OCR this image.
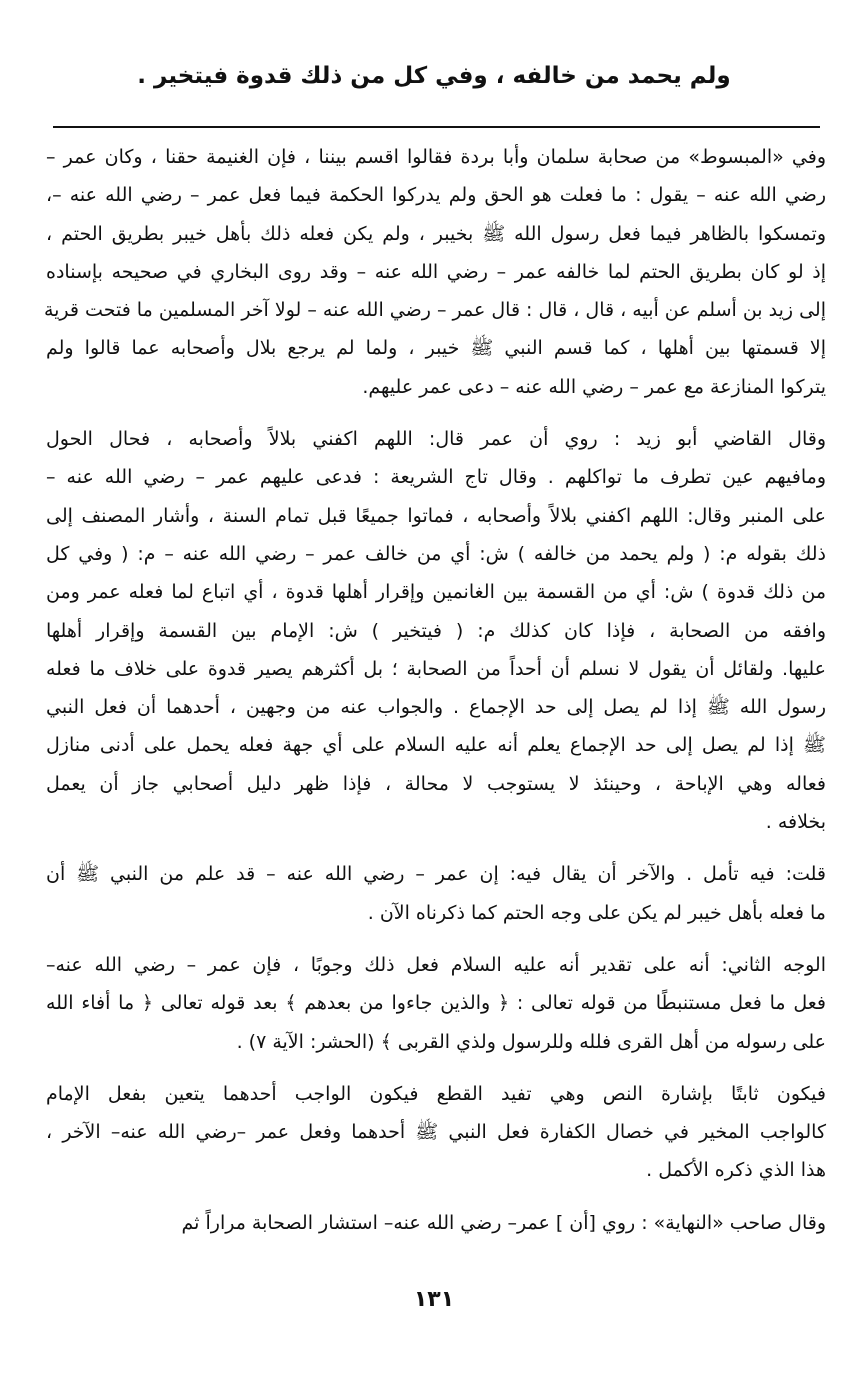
ولم يحمد من خالفه ، وفي كل من ذلك قدوة فيتخير .

وفي «المبسوط» من صحابة سلمان وأبا بردة فقالوا اقسم بيننا ، فإن الغنيمة حقنا ، وكان عمر –
رضي الله عنه – يقول : ما فعلت هو الحق ولم يدركوا الحكمة فيما فعل عمر – رضي الله عنه –،
وتمسكوا بالظاهر فيما فعل رسول الله ﷺ بخيبر ، ولم يكن فعله ذلك بأهل خيبر بطريق الحتم ،
إذ لو كان بطريق الحتم لما خالفه عمر – رضي الله عنه – وقد روى البخاري في صحيحه بإسناده
إلى زيد بن أسلم عن أبيه ، قال ، قال : قال عمر – رضي الله عنه – لولا آخر المسلمين ما فتحت قرية
إلا قسمتها بين أهلها ، كما قسم النبي ﷺ خيبر ، ولما لم يرجع بلال وأصحابه عما قالوا ولم
يتركوا المنازعة مع عمر – رضي الله عنه – دعى عمر عليهم.

وقال القاضي أبو زيد : روي أن عمر قال: اللهم اكفني بلالاً وأصحابه ، فحال الحول
ومافيهم عين تطرف ما تواكلهم . وقال تاج الشريعة : فدعى عليهم عمر – رضي الله عنه –
على المنبر وقال: اللهم اكفني بلالاً وأصحابه ، فماتوا جميعًا قبل تمام السنة ، وأشار المصنف إلى
ذلك بقوله م: ( ولم يحمد من خالفه ) ش: أي من خالف عمر – رضي الله عنه – م: ( وفي كل
من ذلك قدوة ) ش: أي من القسمة بين الغانمين وإقرار أهلها قدوة ، أي اتباع لما فعله عمر ومن
وافقه من الصحابة ، فإذا كان كذلك م: ( فيتخير ) ش: الإمام بين القسمة وإقرار أهلها
عليها. ولقائل أن يقول لا نسلم أن أحداً من الصحابة ؛ بل أكثرهم يصير قدوة على خلاف ما فعله
رسول الله ﷺ إذا لم يصل إلى حد الإجماع . والجواب عنه من وجهين ، أحدهما أن فعل النبي
ﷺ إذا لم يصل إلى حد الإجماع يعلم أنه عليه السلام على أي جهة فعله يحمل على أدنى منازل
فعاله وهي الإباحة ، وحينئذ لا يستوجب لا محالة ، فإذا ظهر دليل أصحابي جاز أن يعمل
بخلافه .

قلت: فيه تأمل . والآخر أن يقال فيه: إن عمر – رضي الله عنه – قد علم من النبي ﷺ أن
ما فعله بأهل خيبر لم يكن على وجه الحتم كما ذكرناه الآن .

الوجه الثاني: أنه على تقدير أنه عليه السلام فعل ذلك وجوبًا ، فإن عمر – رضي الله عنه–
فعل ما فعل مستنبطًا من قوله تعالى : ﴿ والذين جاءوا من بعدهم ﴾ بعد قوله تعالى ﴿ ما أفاء الله
على رسوله من أهل القرى فلله وللرسول ولذي القربى ﴾ (الحشر: الآية ٧) .

فيكون ثابتًا بإشارة النص وهي تفيد القطع فيكون الواجب أحدهما يتعين بفعل الإمام
كالواجب المخير في خصال الكفارة فعل النبي ﷺ أحدهما وفعل عمر –رضي الله عنه– الآخر ،
هذا الذي ذكره الأكمل .

وقال صاحب «النهاية» : روي [أن ] عمر– رضي الله عنه– استشار الصحابة مراراً ثم

١٣١
